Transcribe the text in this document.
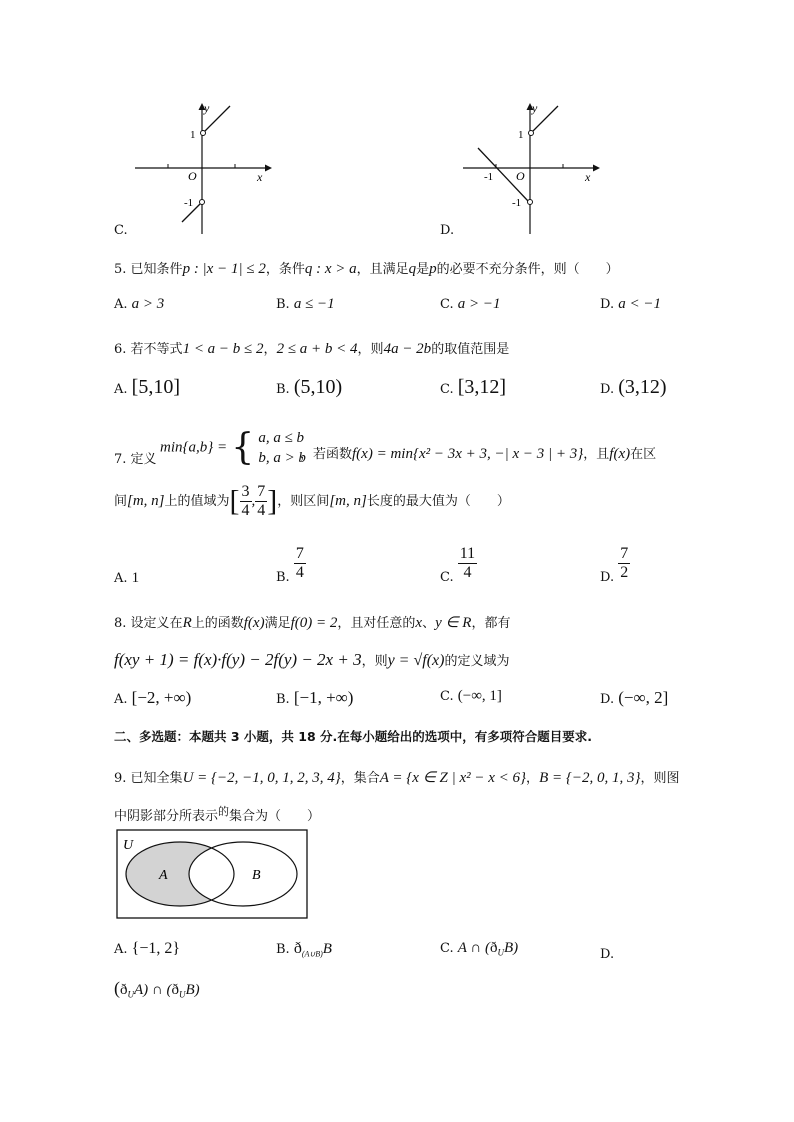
y
x
O
1
-1
C.
y
x
O
1
-1
-1
D.
5. 已知条件p : |x − 1| ≤ 2，条件q : x > a，且满足q是p的必要不充分条件，则（　　）
A. a > 3	B. a ≤ −1	C. a > −1	D. a < −1
6. 若不等式1 < a − b ≤ 2，2 ≤ a + b < 4，则4a − 2b的取值范围是
A. [5,10]	B. (5,10)	C. [3,12]	D. (3,12)
7. 定义
min{a,b} = { a, a ≤ b
b, a > b
，若函数f(x) = min{x² − 3x + 3, −| x − 3 | + 3}，且f(x)在区
间[m, n]上的值域为[ $\frac{3}{4}$ , $\frac{7}{4}$ ]，则区间[m, n]长度的最大值为（　　）
A. 1	B. $\frac{7}{4}$	C. $\frac{11}{4}$	D. $\frac{7}{2}$
8. 设定义在R上的函数f(x)满足f(0) = 2，且对任意的x、y ∈ R，都有
f(xy + 1) = f(x)·f(y) − 2f(y) − 2x + 3，则y = √f(x)的定义域为
A. [−2, +∞)	B. [−1, +∞)	C. (−∞, 1]	D. (−∞, 2]
二、多选题：本题共 3 小题，共 18 分.在每小题给出的选项中，有多项符合题目要求.
9. 已知全集U = {−2, −1, 0, 1, 2, 3, 4}，集合A = {x ∈ Z | x² − x < 6}，B = {−2, 0, 1, 3}，则图
中阴影部分所表示$^的$集合为（　　）
U
A	B
A. {−1, 2}	B. $ð_{(A\cup B)}B$	C. A ∩ $(ð_UB)$	D.
$(ð_UA)$ ∩ $(ð_UB)$
